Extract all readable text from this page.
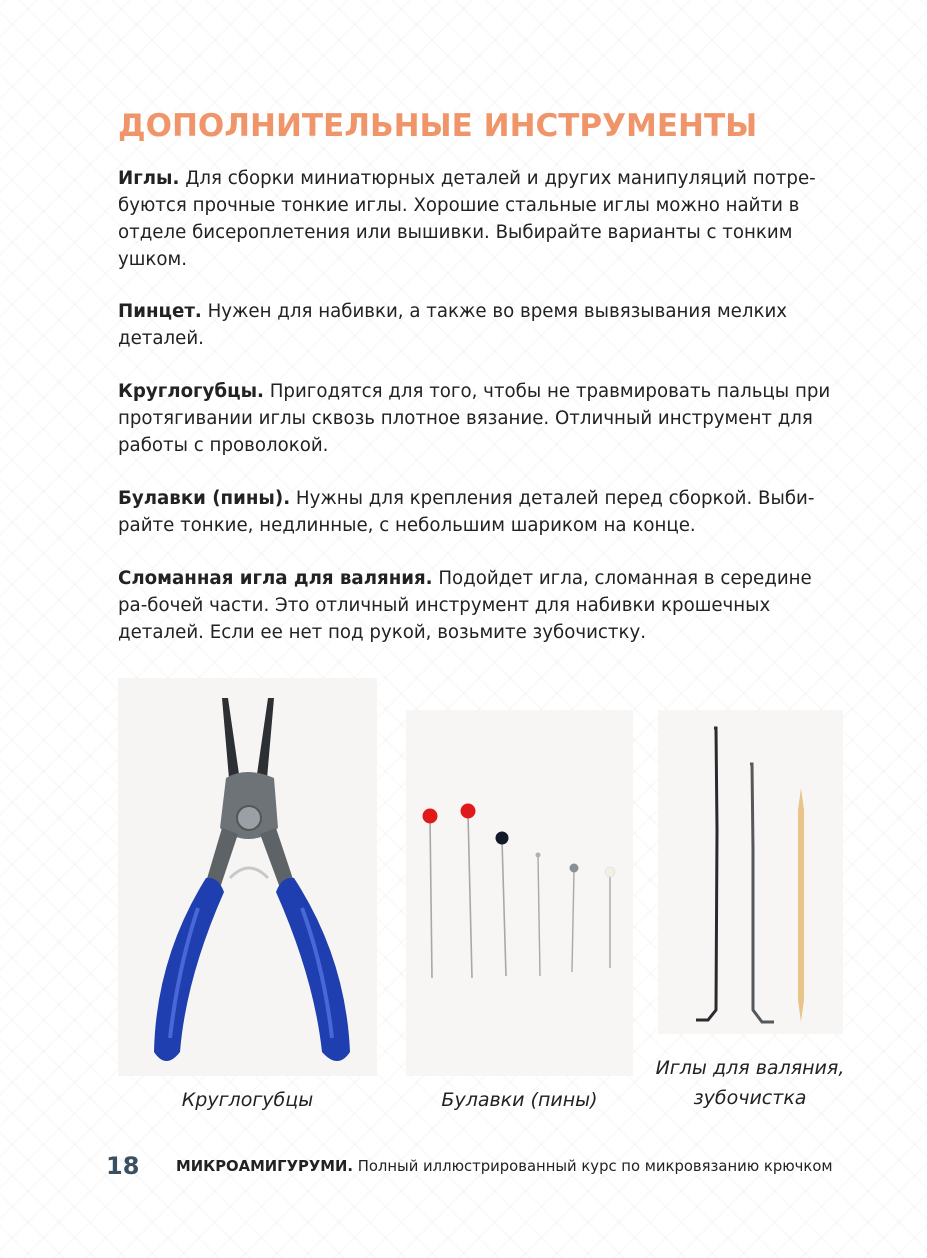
ДОПОЛНИТЕЛЬНЫЕ ИНСТРУМЕНТЫ
Иглы. Для сборки миниатюрных деталей и других манипуляций потре-буются прочные тонкие иглы. Хорошие стальные иглы можно найти в отделе бисероплетения или вышивки. Выбирайте варианты с тонким ушком.
Пинцет. Нужен для набивки, а также во время вывязывания мелких деталей.
Круглогубцы. Пригодятся для того, чтобы не травмировать пальцы при протягивании иглы сквозь плотное вязание. Отличный инструмент для работы с проволокой.
Булавки (пины). Нужны для крепления деталей перед сборкой. Выби-райте тонкие, недлинные, с небольшим шариком на конце.
Сломанная игла для валяния. Подойдет игла, сломанная в середине ра-бочей части. Это отличный инструмент для набивки крошечных деталей. Если ее нет под рукой, возьмите зубочистку.
Круглогубцы	Булавки (пины)
Иглы для валяния,
зубочистка
18 МИКРОАМИГУРУМИ. Полный иллюстрированный курс по микровязанию крючком
